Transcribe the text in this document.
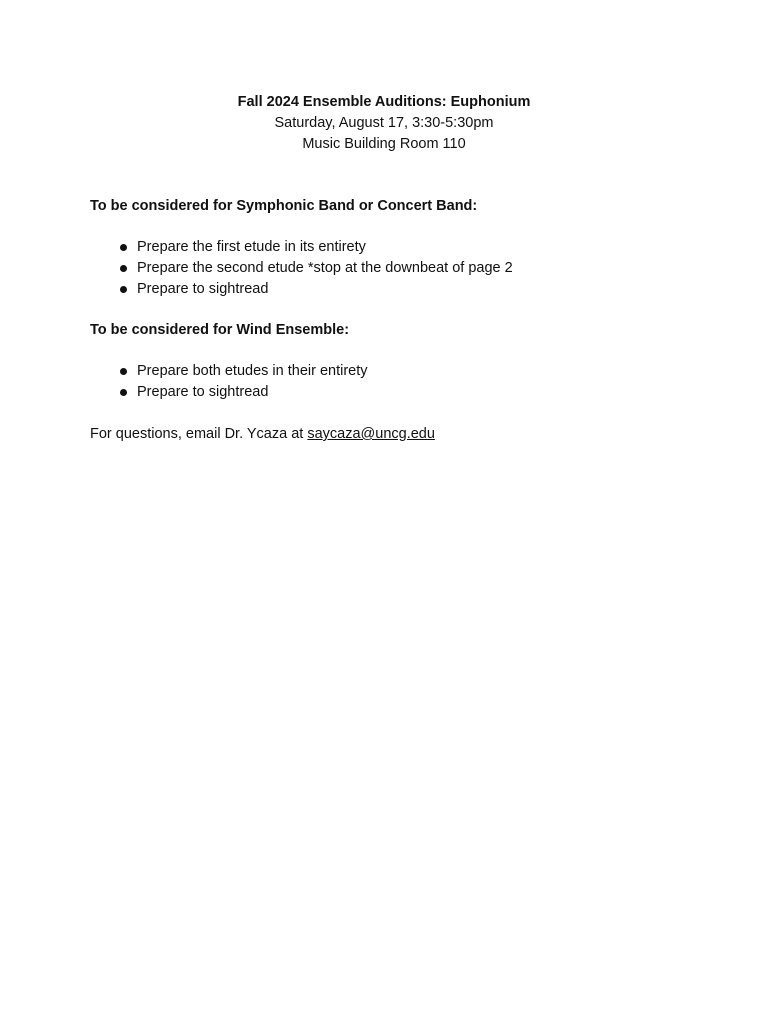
Fall 2024 Ensemble Auditions: Euphonium
Saturday, August 17, 3:30-5:30pm
Music Building Room 110
To be considered for Symphonic Band or Concert Band:
Prepare the first etude in its entirety
Prepare the second etude *stop at the downbeat of page 2
Prepare to sightread
To be considered for Wind Ensemble:
Prepare both etudes in their entirety
Prepare to sightread
For questions, email Dr. Ycaza at saycaza@uncg.edu
